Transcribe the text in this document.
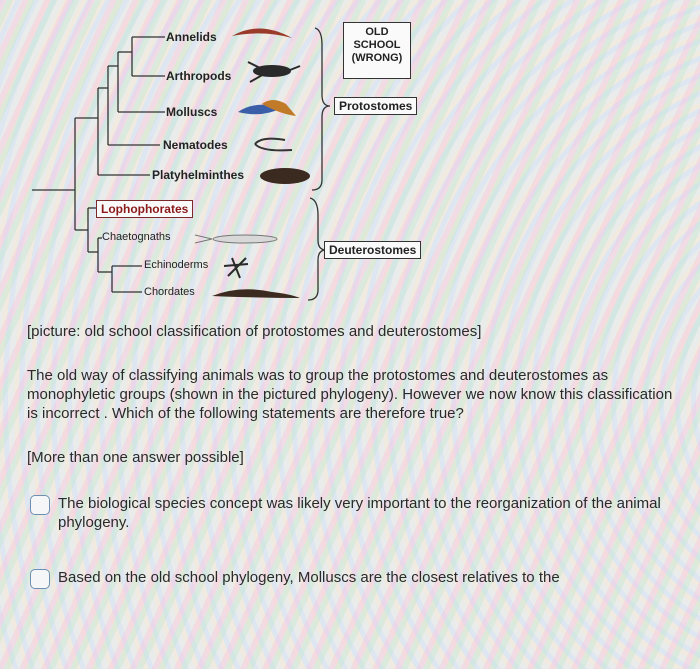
Annelids
Arthropods
Molluscs
Nematodes
Platyhelminthes
Lophophorates
Chaetognaths
Echinoderms
Chordates
OLD
SCHOOL
(WRONG)
Protostomes
Deuterostomes
[picture: old school classification of protostomes and deuterostomes]
The old way of classifying animals was to group the protostomes and deuterostomes as monophyletic groups (shown in the pictured phylogeny). However we now know this classification is incorrect . Which of the following statements are therefore true?
[More than one answer possible]
The biological species concept was likely very important to the reorganization of the animal phylogeny.
Based on the old school phylogeny, Molluscs are the closest relatives to the
